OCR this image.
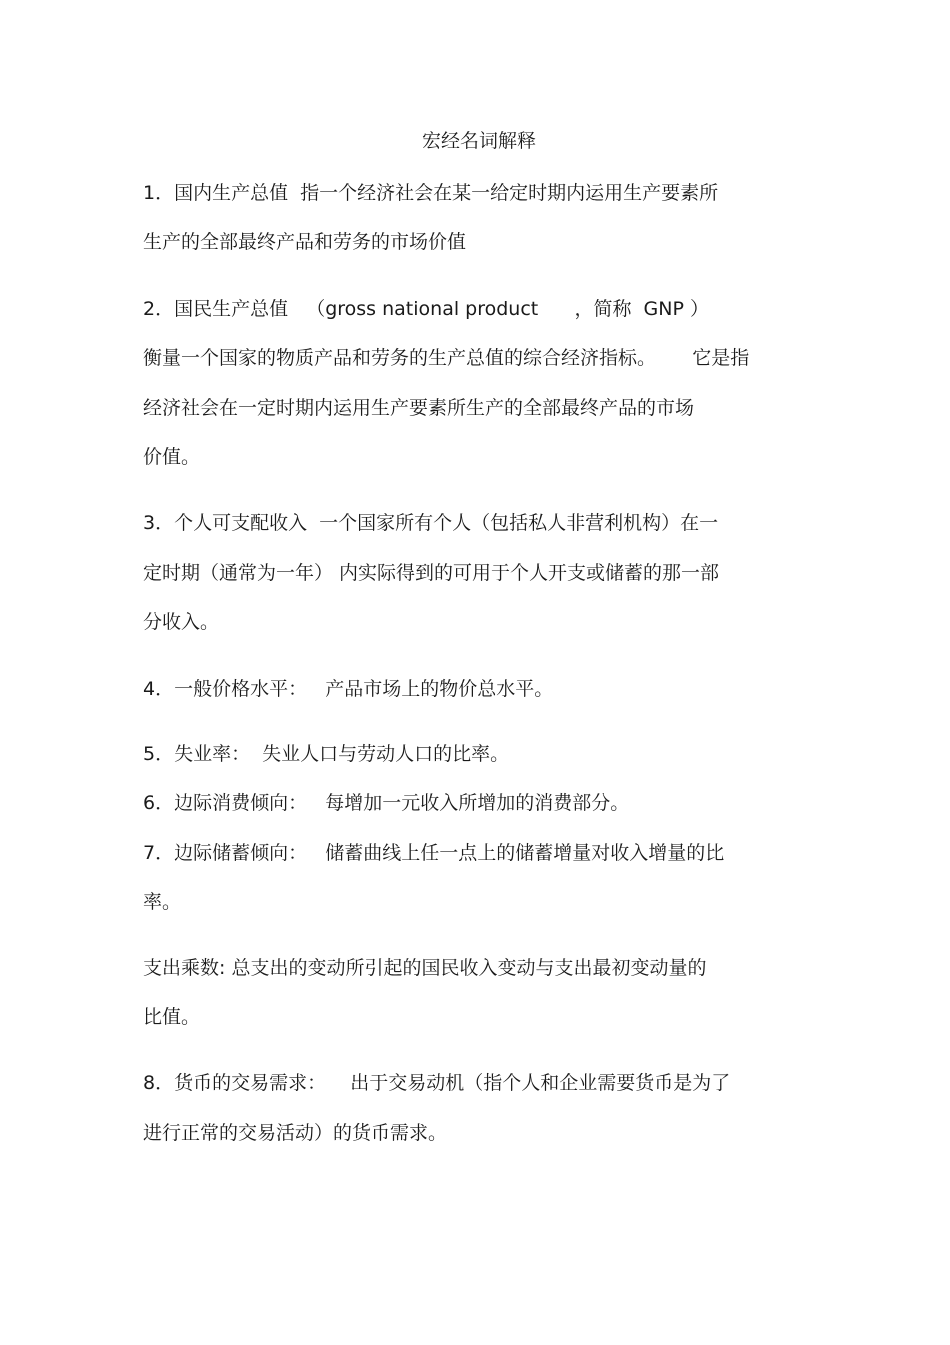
宏经名词解释
1．国内生产总值  指一个经济社会在某一给定时期内运用生产要素所
生产的全部最终产品和劳务的市场价值
2．国民生产总值   （gross national product      ，简称  GNP ）
衡量一个国家的物质产品和劳务的生产总值的综合经济指标。      它是指
经济社会在一定时期内运用生产要素所生产的全部最终产品的市场
价值。
3．个人可支配收入  一个国家所有个人（包括私人非营利机构）在一
定时期（通常为一年） 内实际得到的可用于个人开支或储蓄的那一部
分收入。
4．一般价格水平：   产品市场上的物价总水平。
5．失业率：  失业人口与劳动人口的比率。
6．边际消费倾向：   每增加一元收入所增加的消费部分。
7．边际储蓄倾向：   储蓄曲线上任一点上的储蓄增量对收入增量的比
率。
支出乘数: 总支出的变动所引起的国民收入变动与支出最初变动量的
比值。
8．货币的交易需求：    出于交易动机（指个人和企业需要货币是为了
进行正常的交易活动）的货币需求。
